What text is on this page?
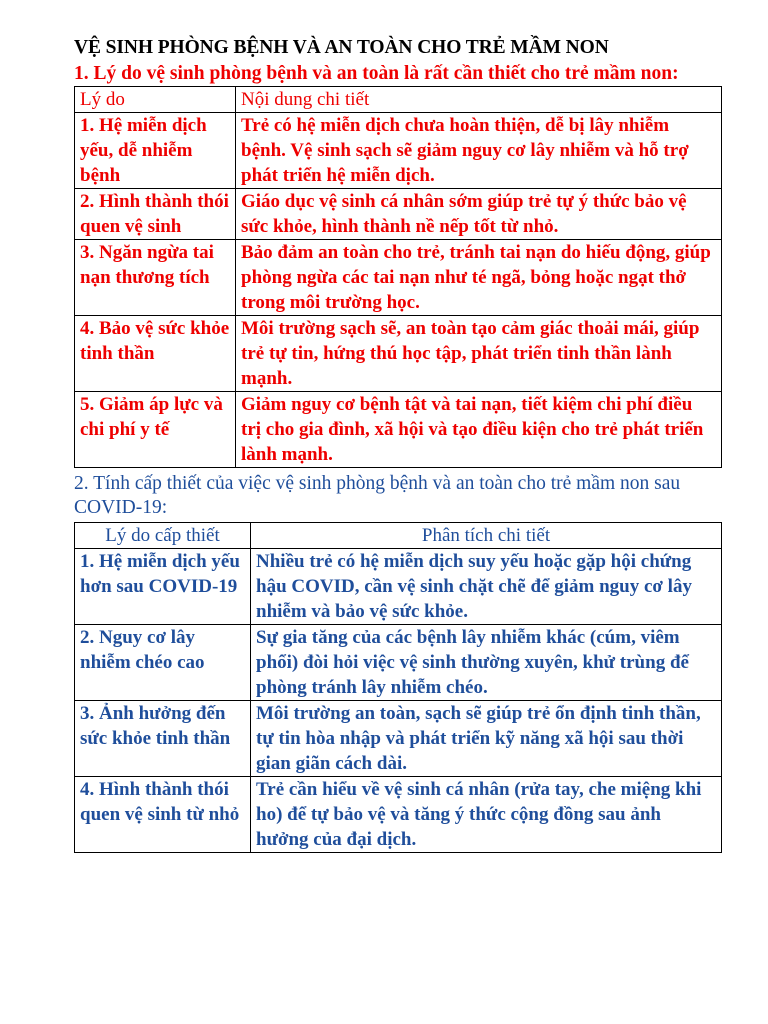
VỆ SINH PHÒNG BỆNH VÀ AN TOÀN CHO TRẺ MẦM NON

1. Lý do vệ sinh phòng bệnh và an toàn là rất cần thiết cho trẻ mầm non:

Lý do	Nội dung chi tiết
1. Hệ miễn dịch yếu, dễ nhiễm bệnh	Trẻ có hệ miễn dịch chưa hoàn thiện, dễ bị lây nhiễm bệnh. Vệ sinh sạch sẽ giảm nguy cơ lây nhiễm và hỗ trợ phát triển hệ miễn dịch.
2. Hình thành thói quen vệ sinh	Giáo dục vệ sinh cá nhân sớm giúp trẻ tự ý thức bảo vệ sức khỏe, hình thành nề nếp tốt từ nhỏ.
3. Ngăn ngừa tai nạn thương tích	Bảo đảm an toàn cho trẻ, tránh tai nạn do hiếu động, giúp phòng ngừa các tai nạn như té ngã, bỏng hoặc ngạt thở trong môi trường học.
4. Bảo vệ sức khỏe tinh thần	Môi trường sạch sẽ, an toàn tạo cảm giác thoải mái, giúp trẻ tự tin, hứng thú học tập, phát triển tinh thần lành mạnh.
5. Giảm áp lực và chi phí y tế	Giảm nguy cơ bệnh tật và tai nạn, tiết kiệm chi phí điều trị cho gia đình, xã hội và tạo điều kiện cho trẻ phát triển lành mạnh.

2. Tính cấp thiết của việc vệ sinh phòng bệnh và an toàn cho trẻ mầm non sau COVID-19:

Lý do cấp thiết	Phân tích chi tiết
1. Hệ miễn dịch yếu hơn sau COVID-19	Nhiều trẻ có hệ miễn dịch suy yếu hoặc gặp hội chứng hậu COVID, cần vệ sinh chặt chẽ để giảm nguy cơ lây nhiễm và bảo vệ sức khỏe.
2. Nguy cơ lây nhiễm chéo cao	Sự gia tăng của các bệnh lây nhiễm khác (cúm, viêm phổi) đòi hỏi việc vệ sinh thường xuyên, khử trùng để phòng tránh lây nhiễm chéo.
3. Ảnh hưởng đến sức khỏe tinh thần	Môi trường an toàn, sạch sẽ giúp trẻ ổn định tinh thần, tự tin hòa nhập và phát triển kỹ năng xã hội sau thời gian giãn cách dài.
4. Hình thành thói quen vệ sinh từ nhỏ	Trẻ cần hiểu về vệ sinh cá nhân (rửa tay, che miệng khi ho) để tự bảo vệ và tăng ý thức cộng đồng sau ảnh hưởng của đại dịch.
